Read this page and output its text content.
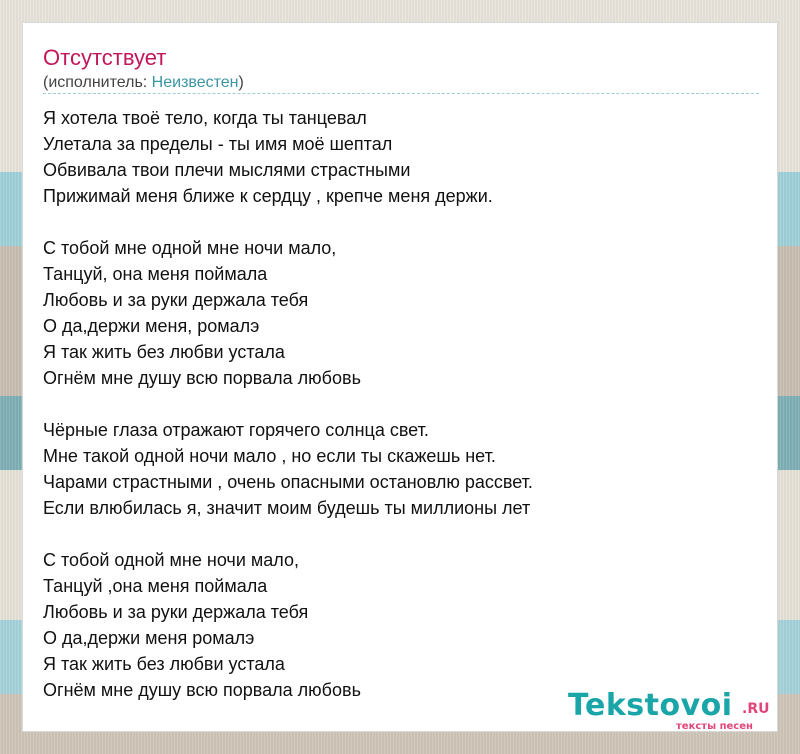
Отсутствует
(исполнитель: Неизвестен)
Я хотела твоё тело, когда ты танцевал
Улетала за пределы - ты имя моё шептал
Обвивала твои плечи мыслями страстными
Прижимай меня ближе к сердцу , крепче меня держи.
С тобой мне одной мне ночи мало,
Танцуй, она меня поймала
Любовь и за руки держала тебя
О да,держи меня, ромалэ
Я так жить без любви устала
Огнём мне душу всю порвала любовь
Чёрные глаза отражают горячего солнца свет.
Мне такой одной ночи мало , но если ты скажешь нет.
Чарами страстными , очень опасными остановлю рассвет.
Если влюбилась я, значит моим будешь ты миллионы лет
С тобой одной мне ночи мало,
Танцуй ,она меня поймала
Любовь и за руки держала тебя
О да,держи меня ромалэ
Я так жить без любви устала
Огнём мне душу всю порвала любовь	Tekstovoi .RU
тексты песен
